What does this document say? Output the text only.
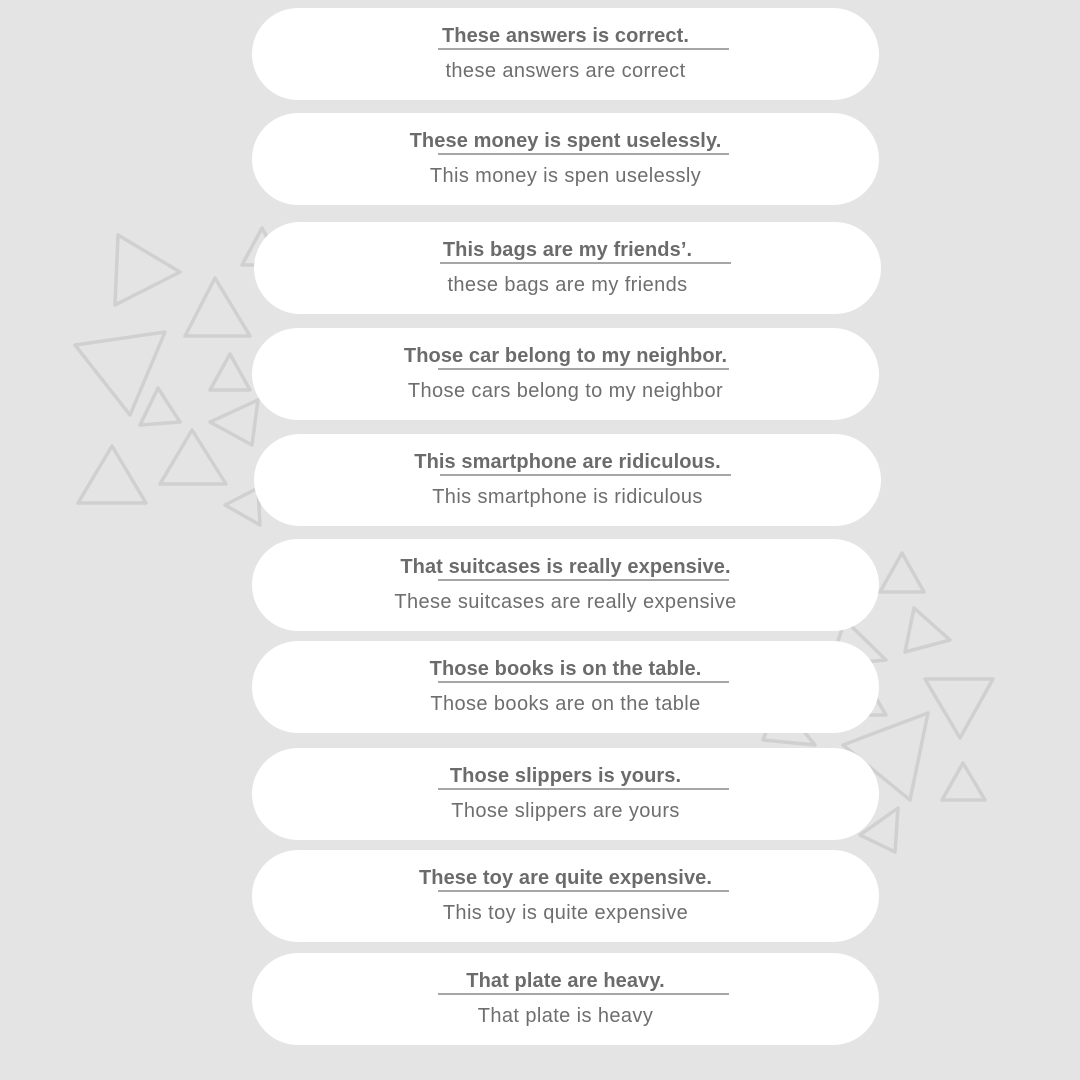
These answers is correct.
these answers are correct
These money is spent uselessly.
This money is spen uselessly
This bags are my friends’.
these bags are my friends
Those car belong to my neighbor.
Those cars belong to my neighbor
This smartphone are ridiculous.
This smartphone is ridiculous
That suitcases is really expensive.
These suitcases are really expensive
Those books is on the table.
Those books are on the table
Those slippers is yours.
Those slippers are yours
These toy are quite expensive.
This toy is quite expensive
That plate are heavy.
That plate is heavy
